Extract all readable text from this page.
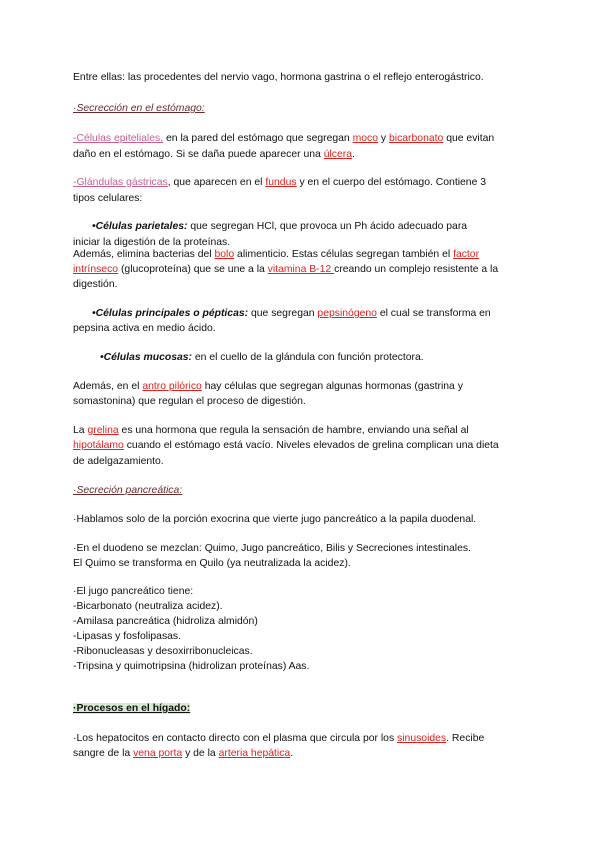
Entre ellas: las procedentes del nervio vago, hormona gastrina o el reflejo enterogástrico.

·Secrección en el estómago:

-Células epiteliales, en la pared del estómago que segregan moco y bicarbonato que evitan

daño en el estómago. Si se daña puede aparecer una úlcera.

-Glándulas gástricas, que aparecen en el fundus y en el cuerpo del estómago. Contiene 3

tipos celulares:

•Células parietales: que segregan HCl, que provoca un Ph ácido adecuado para

iniciar la digestión de la proteínas.

Además, elimina bacterias del bolo alimenticio. Estas células segregan también el factor

intrínseco (glucoproteína) que se une a la vitamina B-12 creando un complejo resistente a la

digestión.

•Células principales o pépticas: que segregan pepsinógeno el cual se transforma en

pepsina activa en medio ácido.

•Células mucosas: en el cuello de la glándula con función protectora.

Además, en el antro pilórico hay células que segregan algunas hormonas (gastrina y

somastonina) que regulan el proceso de digestión.

La grelina es una hormona que regula la sensación de hambre, enviando una señal al

hipotálamo cuando el estómago está vacío. Niveles elevados de grelina complican una dieta

de adelgazamiento.

·Secreción pancreática:

·Hablamos solo de la porción exocrina que vierte jugo pancreático a la papila duodenal.

·En el duodeno se mezclan: Quimo, Jugo pancreático, Bilis y Secreciones intestinales.

El Quimo se transforma en Quilo (ya neutralizada la acidez).

·El jugo pancreático tiene:

-Bicarbonato (neutraliza acidez).

-Amilasa pancreática (hidroliza almidón)

-Lipasas y fosfolipasas.

-Ribonucleasas y desoxirribonucleicas.

-Tripsina y quimotripsina (hidrolizan proteínas) Aas.

·Procesos en el hígado:

·Los hepatocitos en contacto directo con el plasma que circula por los sinusoides. Recibe

sangre de la vena porta y de la arteria hepática.
